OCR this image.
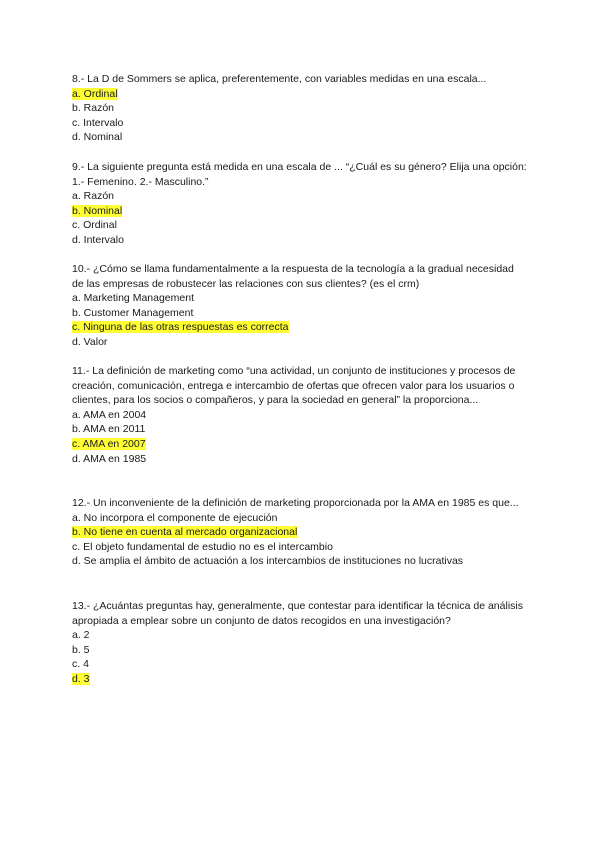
8.- La D de Sommers se aplica, preferentemente, con variables medidas en una escala...
a. Ordinal
b. Razón
c. Intervalo
d. Nominal
9.- La siguiente pregunta está medida en una escala de ... “¿Cuál es su género? Elija una opción: 1.- Femenino. 2.- Masculino.”
a. Razón
b. Nominal
c. Ordinal
d. Intervalo
10.- ¿Cómo se llama fundamentalmente a la respuesta de la tecnología a la gradual necesidad de las empresas de robustecer las relaciones con sus clientes? (es el crm)
a. Marketing Management
b. Customer Management
c. Ninguna de las otras respuestas es correcta
d. Valor
11.- La definición de marketing como “una actividad, un conjunto de instituciones y procesos de creación, comunicación, entrega e intercambio de ofertas que ofrecen valor para los usuarios o clientes, para los socios o compañeros, y para la sociedad en general” la proporciona...
a. AMA en 2004
b. AMA en 2011
c. AMA en 2007
d. AMA en 1985
12.- Un inconveniente de la definición de marketing proporcionada por la AMA en 1985 es que...
a. No incorpora el componente de ejecución
b. No tiene en cuenta al mercado organizacional
c. El objeto fundamental de estudio no es el intercambio
d. Se amplia el ámbito de actuación a los intercambios de instituciones no lucrativas
13.- ¿Acuántas preguntas hay, generalmente, que contestar para identificar la técnica de análisis apropiada a emplear sobre un conjunto de datos recogidos en una investigación?
a. 2
b. 5
c. 4
d. 3
